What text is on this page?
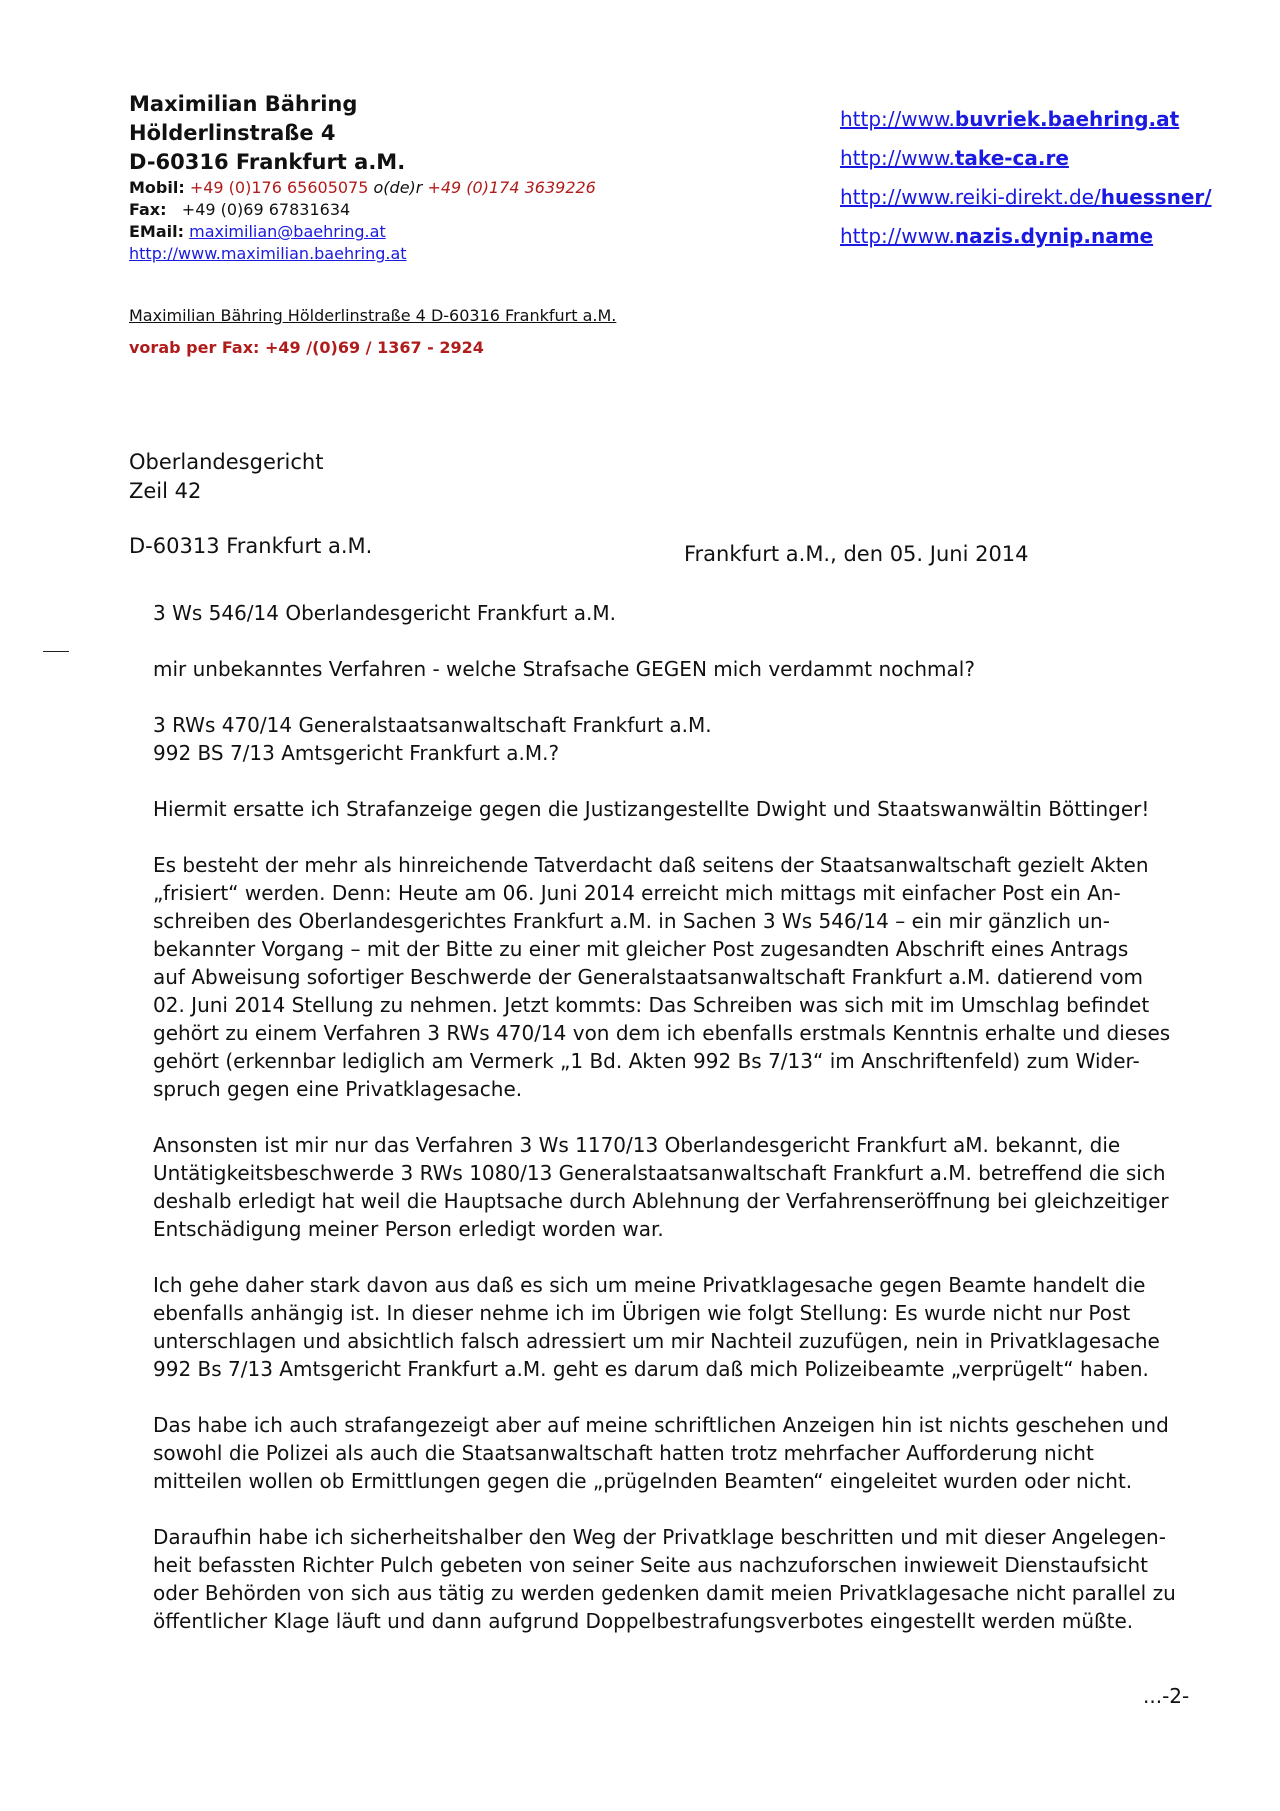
Maximilian Bähring
Hölderlinstraße 4
D-60316 Frankfurt a.M.
Mobil: +49 (0)176 65605075 o(de)r +49 (0)174 3639226
Fax: +49 (0)69 67831634
EMail: maximilian@baehring.at
http://www.maximilian.baehring.at
http://www.buvriek.baehring.at
http://www.take-ca.re
http://www.reiki-direkt.de/huessner/
http://www.nazis.dynip.name
Maximilian Bähring Hölderlinstraße 4 D-60316 Frankfurt a.M.
vorab per Fax: +49 /(0)69 / 1367 - 2924
Oberlandesgericht
Zeil 42
D-60313 Frankfurt a.M.	Frankfurt a.M., den 05. Juni 2014

3 Ws 546/14 Oberlandesgericht Frankfurt a.M.

mir unbekanntes Verfahren - welche Strafsache GEGEN mich verdammt nochmal?

3 RWs 470/14 Generalstaatsanwaltschaft Frankfurt a.M.

992 BS 7/13 Amtsgericht Frankfurt a.M.?

Hiermit ersatte ich Strafanzeige gegen die Justizangestellte Dwight und Staatswanwältin Böttinger!

Es besteht der mehr als hinreichende Tatverdacht daß seitens der Staatsanwaltschaft gezielt Akten

„frisiert“ werden. Denn: Heute am 06. Juni 2014 erreicht mich mittags mit einfacher Post ein An-

schreiben des Oberlandesgerichtes Frankfurt a.M. in Sachen 3 Ws 546/14 – ein mir gänzlich un-

bekannter Vorgang – mit der Bitte zu einer mit gleicher Post zugesandten Abschrift eines Antrags

auf Abweisung sofortiger Beschwerde der Generalstaatsanwaltschaft Frankfurt a.M. datierend vom

02. Juni 2014 Stellung zu nehmen. Jetzt kommts: Das Schreiben was sich mit im Umschlag befindet

gehört zu einem Verfahren 3 RWs 470/14 von dem ich ebenfalls erstmals Kenntnis erhalte und dieses

gehört (erkennbar lediglich am Vermerk „1 Bd. Akten 992 Bs 7/13“ im Anschriftenfeld) zum Wider-

spruch gegen eine Privatklagesache.

Ansonsten ist mir nur das Verfahren 3 Ws 1170/13 Oberlandesgericht Frankfurt aM. bekannt, die

Untätigkeitsbeschwerde 3 RWs 1080/13 Generalstaatsanwaltschaft Frankfurt a.M. betreffend die sich

deshalb erledigt hat weil die Hauptsache durch Ablehnung der Verfahrenseröffnung bei gleichzeitiger

Entschädigung meiner Person erledigt worden war.

Ich gehe daher stark davon aus daß es sich um meine Privatklagesache gegen Beamte handelt die

ebenfalls anhängig ist. In dieser nehme ich im Übrigen wie folgt Stellung: Es wurde nicht nur Post

unterschlagen und absichtlich falsch adressiert um mir Nachteil zuzufügen, nein in Privatklagesache

992 Bs 7/13 Amtsgericht Frankfurt a.M. geht es darum daß mich Polizeibeamte „verprügelt“ haben.

Das habe ich auch strafangezeigt aber auf meine schriftlichen Anzeigen hin ist nichts geschehen und

sowohl die Polizei als auch die Staatsanwaltschaft hatten trotz mehrfacher Aufforderung nicht

mitteilen wollen ob Ermittlungen gegen die „prügelnden Beamten“ eingeleitet wurden oder nicht.

Daraufhin habe ich sicherheitshalber den Weg der Privatklage beschritten und mit dieser Angelegen-

heit befassten Richter Pulch gebeten von seiner Seite aus nachzuforschen inwieweit Dienstaufsicht

oder Behörden von sich aus tätig zu werden gedenken damit meien Privatklagesache nicht parallel zu

öffentlicher Klage läuft und dann aufgrund Doppelbestrafungsverbotes eingestellt werden müßte.

...-2-
